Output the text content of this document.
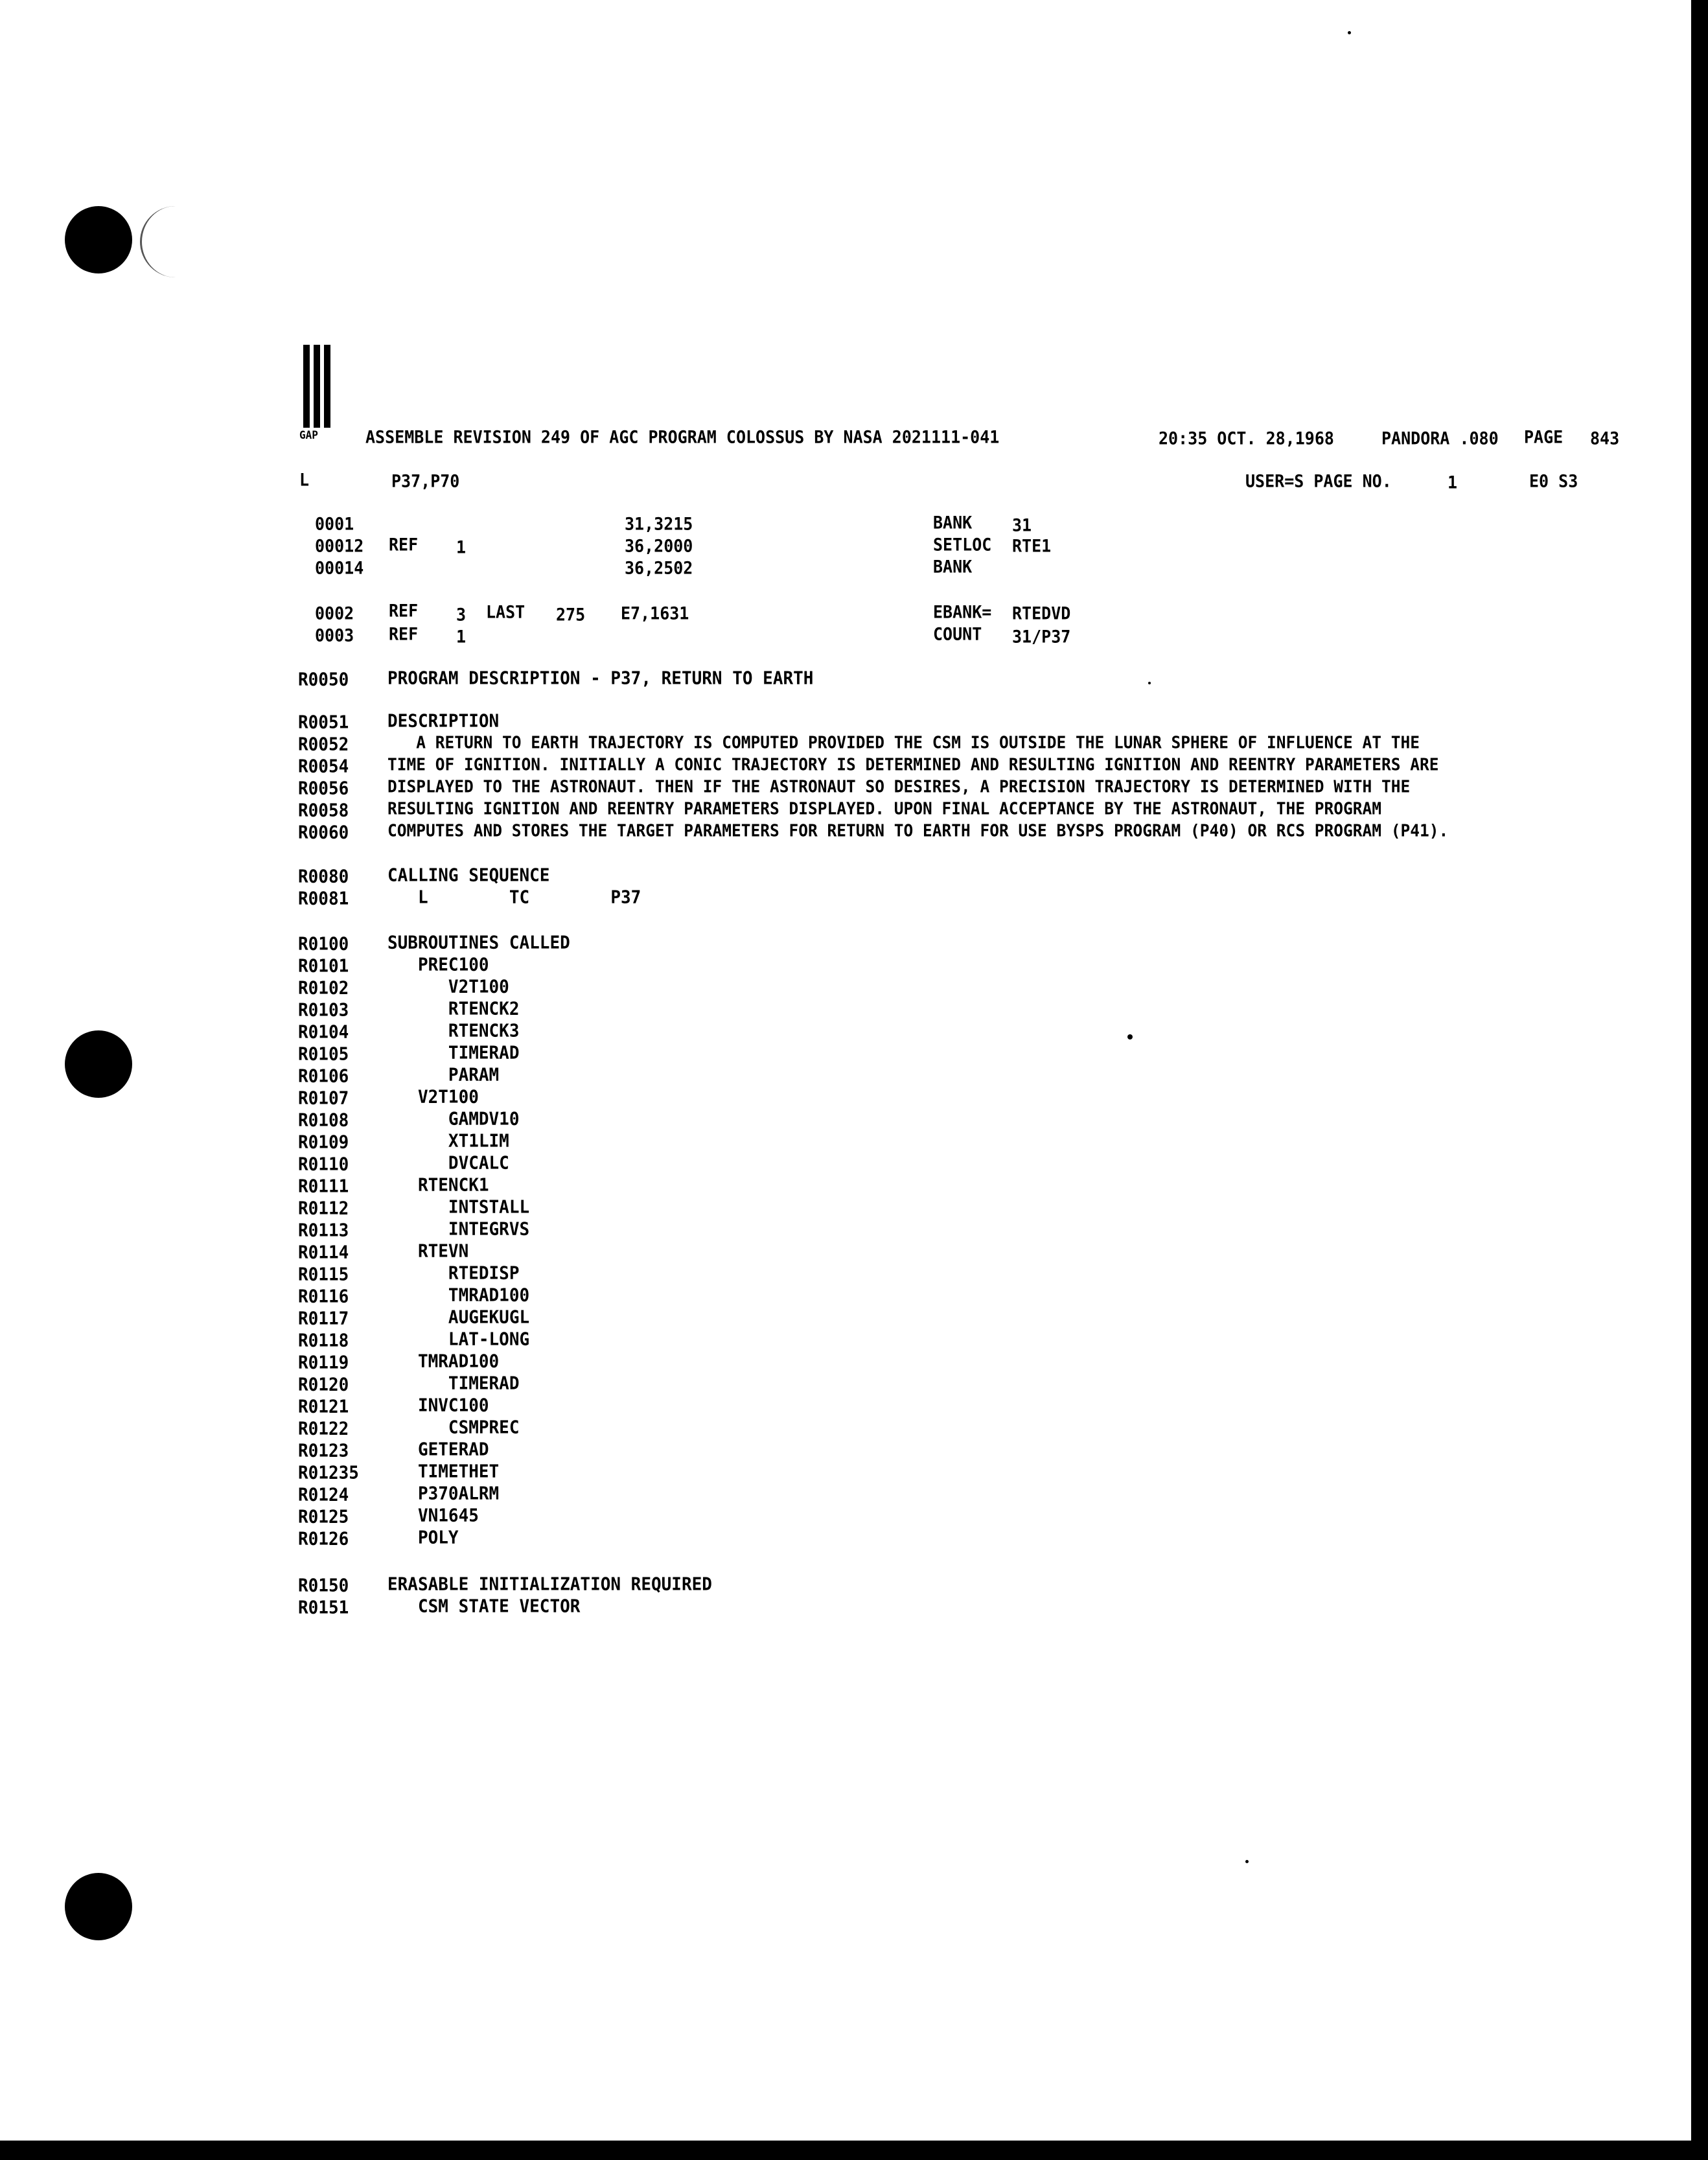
GAP	ASSEMBLE REVISION 249 OF AGC PROGRAM COLOSSUS BY NASA 2021111-041	20:35 OCT. 28,1968	PANDORA .080 PAGE 843
L	P37,P70	USER=S PAGE NO.	1	E0 S3
0001	31,3215	BANK 31
00012 REF 1	36,2000	SETLOC RTE1
00014	36,2502	BANK
0002 REF 3 LAST 275 E7,1631	EBANK= RTEDVD
0003 REF 1	COUNT 31/P37
R0050 PROGRAM DESCRIPTION - P37, RETURN TO EARTH
R0051 DESCRIPTION
R0052 A RETURN TO EARTH TRAJECTORY IS COMPUTED PROVIDED THE CSM IS OUTSIDE THE LUNAR SPHERE OF INFLUENCE AT THE
R0054 TIME OF IGNITION. INITIALLY A CONIC TRAJECTORY IS DETERMINED AND RESULTING IGNITION AND REENTRY PARAMETERS ARE
R0056 DISPLAYED TO THE ASTRONAUT. THEN IF THE ASTRONAUT SO DESIRES, A PRECISION TRAJECTORY IS DETERMINED WITH THE
R0058 RESULTING IGNITION AND REENTRY PARAMETERS DISPLAYED. UPON FINAL ACCEPTANCE BY THE ASTRONAUT, THE PROGRAM
R0060 COMPUTES AND STORES THE TARGET PARAMETERS FOR RETURN TO EARTH FOR USE BYSPS PROGRAM (P40) OR RCS PROGRAM (P41).
R0080 CALLING SEQUENCE
R0081 L        TC        P37
R0100 SUBROUTINES CALLED
R0101 PREC100
R0102 V2T100
R0103 RTENCK2
R0104 RTENCK3
R0105 TIMERAD
R0106 PARAM
R0107 V2T100
R0108 GAMDV10
R0109 XT1LIM
R0110 DVCALC
R0111 RTENCK1
R0112 INTSTALL
R0113 INTEGRVS
R0114 RTEVN
R0115 RTEDISP
R0116 TMRAD100
R0117 AUGEKUGL
R0118 LAT-LONG
R0119 TMRAD100
R0120 TIMERAD
R0121 INVC100
R0122 CSMPREC
R0123 GETERAD
R01235 TIMETHET
R0124 P370ALRM
R0125 VN1645
R0126 POLY
R0150 ERASABLE INITIALIZATION REQUIRED
R0151 CSM STATE VECTOR
